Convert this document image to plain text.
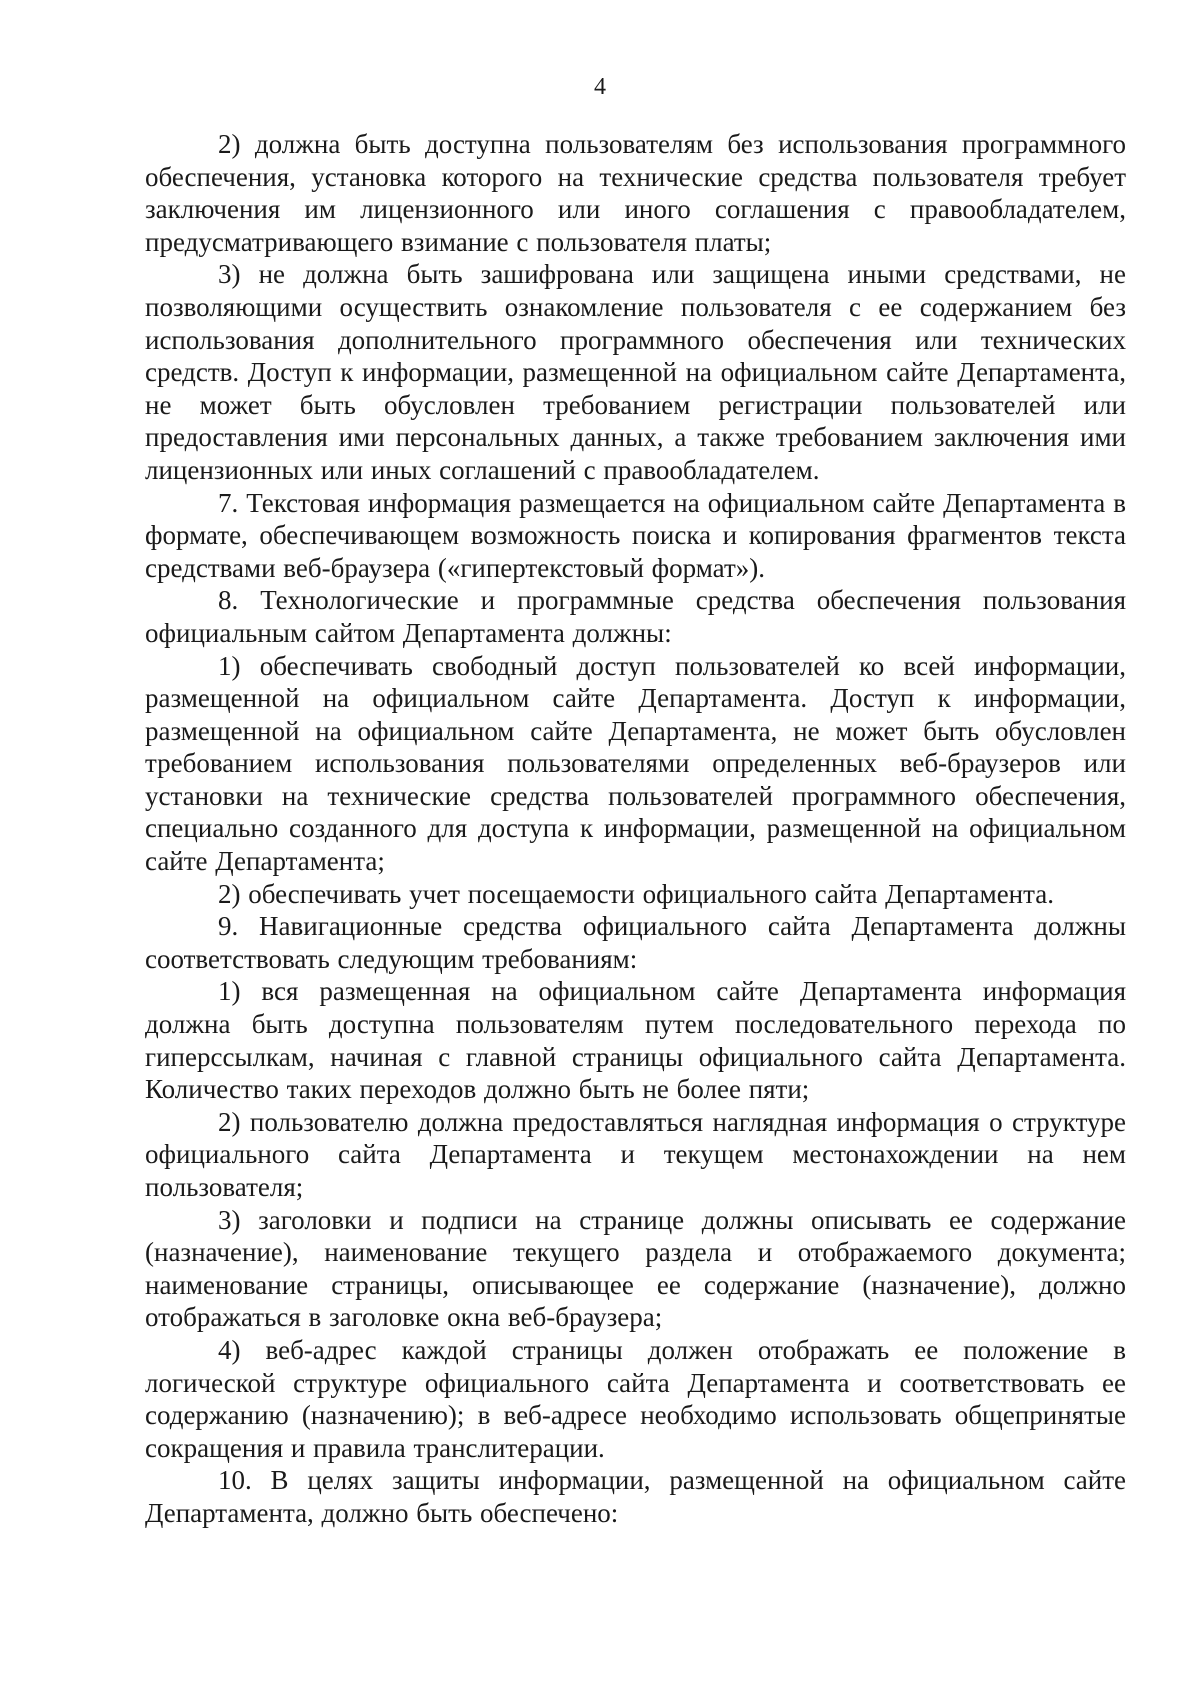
4

2) должна быть доступна пользователям без использования программного обеспечения, установка которого на технические средства пользователя требует заключения им лицензионного или иного соглашения с правообладателем, предусматривающего взимание с пользователя платы;

3) не должна быть зашифрована или защищена иными средствами, не позволяющими осуществить ознакомление пользователя с ее содержанием без использования дополнительного программного обеспечения или технических средств. Доступ к информации, размещенной на официальном сайте Департамента, не может быть обусловлен требованием регистрации пользователей или предоставления ими персональных данных, а также требованием заключения ими лицензионных или иных соглашений с правообладателем.

7. Текстовая информация размещается на официальном сайте Департамента в формате, обеспечивающем возможность поиска и копирования фрагментов текста средствами веб-браузера («гипертекстовый формат»).

8. Технологические и программные средства обеспечения пользования официальным сайтом Департамента должны:

1) обеспечивать свободный доступ пользователей ко всей информации, размещенной на официальном сайте Департамента. Доступ к информации, размещенной на официальном сайте Департамента, не может быть обусловлен требованием использования пользователями определенных веб-браузеров или установки на технические средства пользователей программного обеспечения, специально созданного для доступа к информации, размещенной на официальном сайте Департамента;

2) обеспечивать учет посещаемости официального сайта Департамента.

9. Навигационные средства официального сайта Департамента должны соответствовать следующим требованиям:

1) вся размещенная на официальном сайте Департамента информация должна быть доступна пользователям путем последовательного перехода по гиперссылкам, начиная с главной страницы официального сайта Департамента. Количество таких переходов должно быть не более пяти;

2) пользователю должна предоставляться наглядная информация о структуре официального сайта Департамента и текущем местонахождении на нем пользователя;

3) заголовки и подписи на странице должны описывать ее содержание (назначение), наименование текущего раздела и отображаемого документа; наименование страницы, описывающее ее содержание (назначение), должно отображаться в заголовке окна веб-браузера;

4) веб-адрес каждой страницы должен отображать ее положение в логической структуре официального сайта Департамента и соответствовать ее содержанию (назначению); в веб-адресе необходимо использовать общепринятые сокращения и правила транслитерации.

10. В целях защиты информации, размещенной на официальном сайте Департамента, должно быть обеспечено:
